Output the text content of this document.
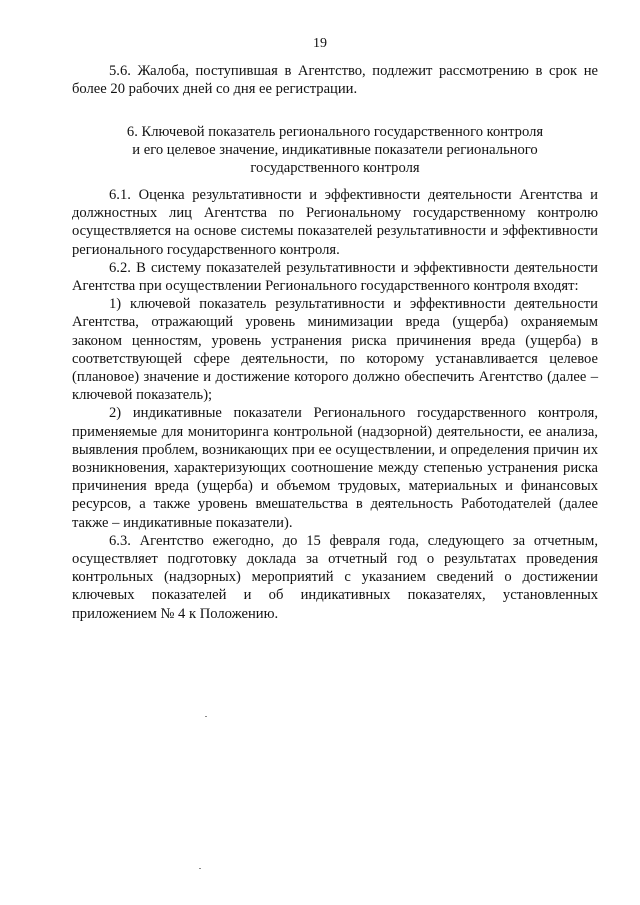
19

5.6. Жалоба, поступившая в Агентство, подлежит рассмотрению в срок не более 20 рабочих дней со дня ее регистрации.

6. Ключевой показатель регионального государственного контроля
и его целевое значение, индикативные показатели регионального
государственного контроля

6.1. Оценка результативности и эффективности деятельности Агентства и должностных лиц Агентства по Региональному государственному контролю осуществляется на основе системы показателей результативности и эффективности регионального государственного контроля.

6.2. В систему показателей результативности и эффективности деятельности Агентства при осуществлении Регионального государственного контроля входят:

1) ключевой показатель результативности и эффективности деятельности Агентства, отражающий уровень минимизации вреда (ущерба) охраняемым законом ценностям, уровень устранения риска причинения вреда (ущерба) в соответствующей сфере деятельности, по которому устанавливается целевое (плановое) значение и достижение которого должно обеспечить Агентство (далее – ключевой показатель);

2) индикативные показатели Регионального государственного контроля, применяемые для мониторинга контрольной (надзорной) деятельности, ее анализа, выявления проблем, возникающих при ее осуществлении, и определения причин их возникновения, характеризующих соотношение между степенью устранения риска причинения вреда (ущерба) и объемом трудовых, материальных и финансовых ресурсов, а также уровень вмешательства в деятельность Работодателей (далее также – индикативные показатели).

6.3. Агентство ежегодно, до 15 февраля года, следующего за отчетным, осуществляет подготовку доклада за отчетный год о результатах проведения контрольных (надзорных) мероприятий с указанием сведений о достижении ключевых показателей и об индикативных показателях, установленных приложением № 4 к Положению.
